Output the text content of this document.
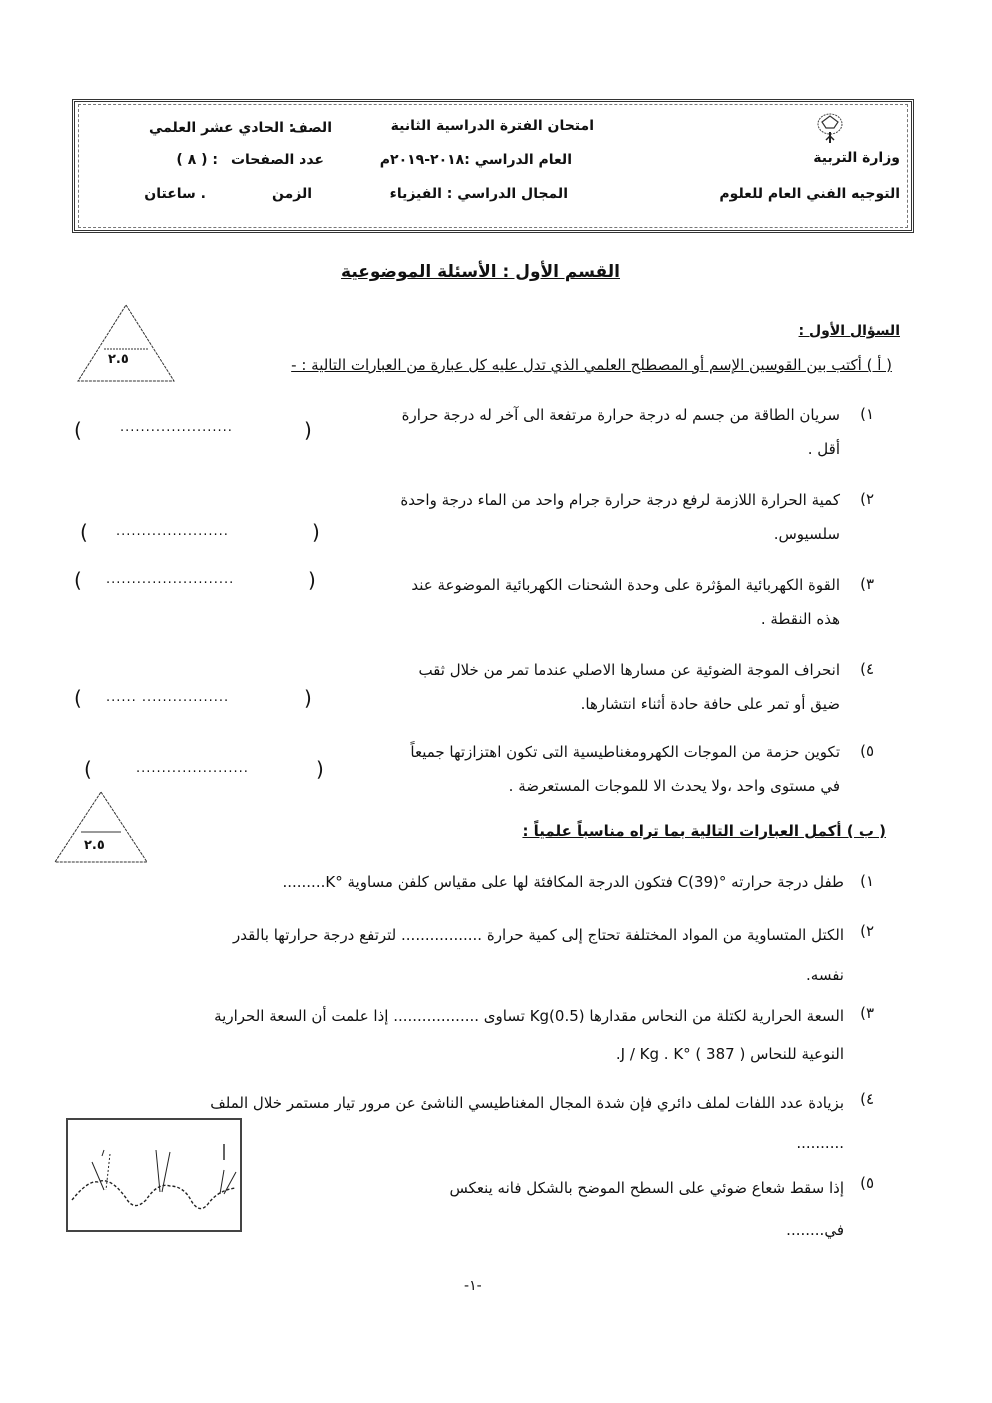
وزارة التربية
التوجيه الفني العام للعلوم
امتحان الفترة الدراسية الثانية
العام الدراسي :٢٠١٨-٢٠١٩م
المجال الدراسي : الفيزياء
الصف
: الحادي عشر العلمي
عدد الصفحات
: ( ٨ )
الزمن
. ساعتان
القسم الأول : الأسئلة الموضوعية
السؤال الأول :
٢.٥	( أ ) أكتب بين القوسين الإسم أو المصطلح العلمي الذي تدل عليه كل عبارة من العبارات التالية : -
١)
سريان الطاقة من جسم له درجة حرارة مرتفعة الى آخر له درجة حرارة
أقل .
(	......................	)
٢)
كمية الحرارة اللازمة لرفع درجة حرارة جرام واحد من الماء درجة واحدة
سلسيوس.
( ......................	)
٣)
القوة الكهربائية المؤثرة على وحدة الشحنات الكهربائية الموضوعة عند
هذه النقطة .
( .........................	)
٤)
انحراف الموجة الضوئية عن مسارها الاصلي عندما تمر من خلال ثقب
ضيق أو تمر على حافة حادة أثناء انتشارها.
( ...... .................	)
٥)
تكوين حزمة من الموجات الكهرومغناطيسية التى تكون اهتزازتها جميعاً
في مستوى واحد ،ولا يحدث الا للموجات المستعرضة .
(	......................	)
٢.٥
( ب ) أكمل العبارات التالية بما تراه مناسباً علمياً :
١)
طفل درجة حرارته °C(39) فتكون الدرجة المكافئة لها على مقياس كلفن مساوية °K.........
٢)
الكتل المتساوية من المواد المختلفة تحتاج إلى كمية حرارة ................. لترتفع درجة حرارتها بالقدر
نفسه.
٣)
السعة الحرارية لكتلة من النحاس مقدارها Kg(0.5) تساوى .................. إذا علمت أن السعة الحرارية
النوعية للنحاس J / Kg . K° ( 387 ).
٤)
بزيادة عدد اللفات لملف دائري فإن شدة المجال المغناطيسي الناشئ عن مرور تيار مستمر خلال الملف
..........
٥)
إذا سقط شعاع ضوئي على السطح الموضح بالشكل فانه ينعكس
في........
-١-
